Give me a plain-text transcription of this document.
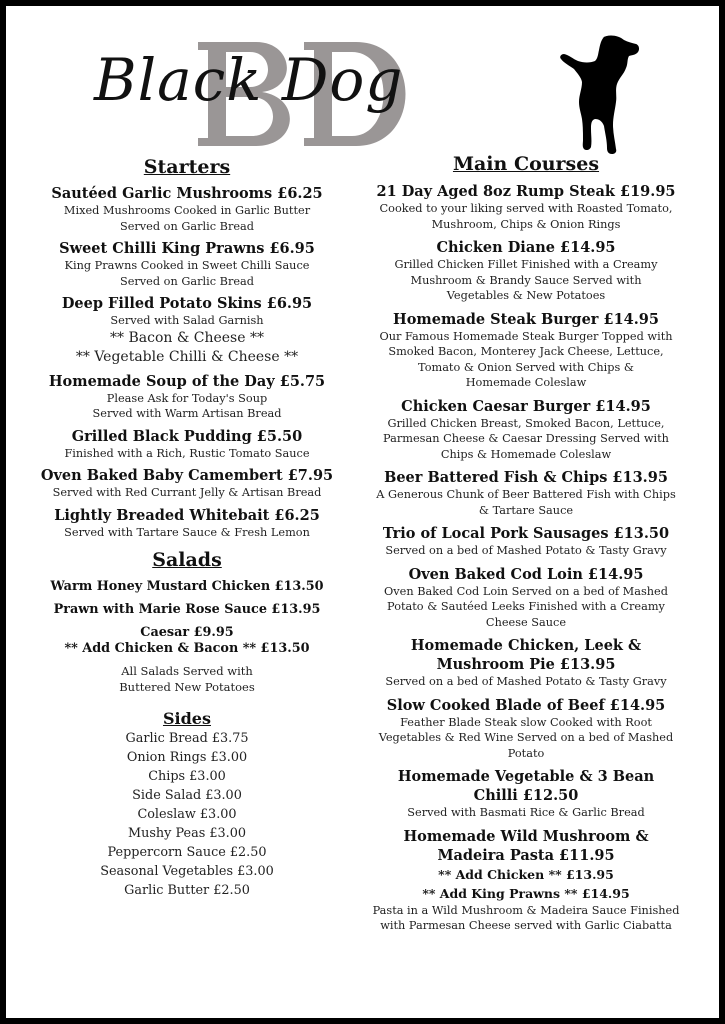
Black Dog
Starters
Sautéed Garlic Mushrooms £6.25
Mixed Mushrooms Cooked in Garlic Butter
Served on Garlic Bread
Sweet Chilli King Prawns £6.95
King Prawns Cooked in Sweet Chilli Sauce
Served on Garlic Bread
Deep Filled Potato Skins £6.95
Served with Salad Garnish
** Bacon & Cheese **
** Vegetable Chilli & Cheese **
Homemade Soup of the Day £5.75
Please Ask for Today's Soup
Served with Warm Artisan Bread
Grilled Black Pudding £5.50
Finished with a Rich, Rustic Tomato Sauce
Oven Baked Baby Camembert £7.95
Served with Red Currant Jelly & Artisan Bread
Lightly Breaded Whitebait £6.25
Served with Tartare Sauce & Fresh Lemon
Salads
Warm Honey Mustard Chicken £13.50
Prawn with Marie Rose Sauce £13.95
Caesar £9.95
** Add Chicken & Bacon ** £13.50
All Salads Served with
Buttered New Potatoes
Sides
Garlic Bread £3.75
Onion Rings £3.00
Chips £3.00
Side Salad £3.00
Coleslaw £3.00
Mushy Peas £3.00
Peppercorn Sauce £2.50
Seasonal Vegetables £3.00
Garlic Butter £2.50
Main Courses
21 Day Aged 8oz Rump Steak £19.95
Cooked to your liking served with Roasted Tomato,
Mushroom, Chips & Onion Rings
Chicken Diane £14.95
Grilled Chicken Fillet Finished with a Creamy
Mushroom & Brandy Sauce Served with
Vegetables & New Potatoes
Homemade Steak Burger £14.95
Our Famous Homemade Steak Burger Topped with
Smoked Bacon, Monterey Jack Cheese, Lettuce,
Tomato & Onion Served with Chips &
Homemade Coleslaw
Chicken Caesar Burger £14.95
Grilled Chicken Breast, Smoked Bacon, Lettuce,
Parmesan Cheese & Caesar Dressing Served with
Chips & Homemade Coleslaw
Beer Battered Fish & Chips £13.95
A Generous Chunk of Beer Battered Fish with Chips
& Tartare Sauce
Trio of Local Pork Sausages £13.50
Served on a bed of Mashed Potato & Tasty Gravy
Oven Baked Cod Loin £14.95
Oven Baked Cod Loin Served on a bed of Mashed
Potato & Sautéed Leeks Finished with a Creamy
Cheese Sauce
Homemade Chicken, Leek &
Mushroom Pie £13.95
Served on a bed of Mashed Potato & Tasty Gravy
Slow Cooked Blade of Beef £14.95
Feather Blade Steak slow Cooked with Root
Vegetables & Red Wine Served on a bed of Mashed
Potato
Homemade Vegetable & 3 Bean
Chilli £12.50
Served with Basmati Rice & Garlic Bread
Homemade Wild Mushroom &
Madeira Pasta £11.95
** Add Chicken ** £13.95
** Add King Prawns ** £14.95
Pasta in a Wild Mushroom & Madeira Sauce Finished
with Parmesan Cheese served with Garlic Ciabatta
